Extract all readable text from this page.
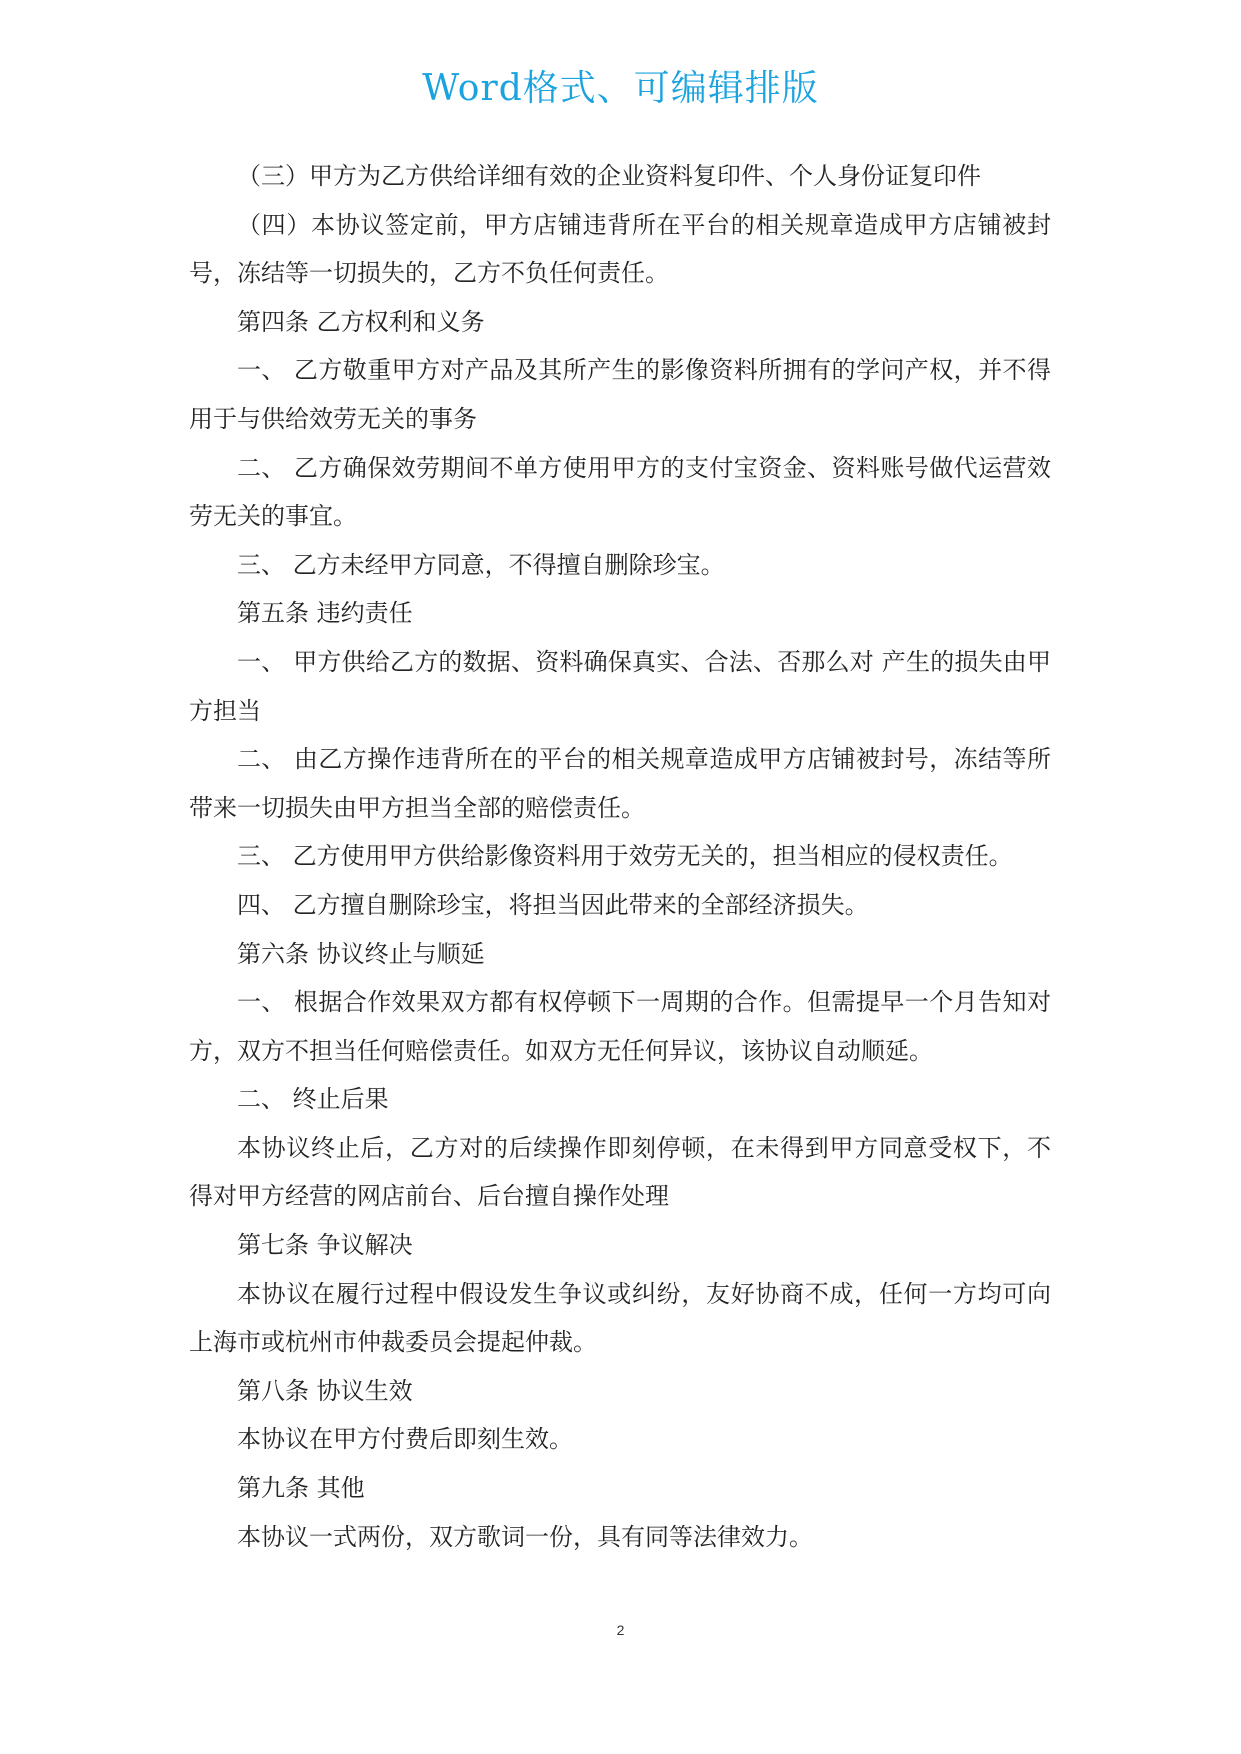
Word格式、可编辑排版

（三）甲方为乙方供给详细有效的企业资料复印件、个人身份证复印件

（四）本协议签定前，甲方店铺违背所在平台的相关规章造成甲方店铺被封号，冻结等一切损失的，乙方不负任何责任。

第四条 乙方权利和义务

一、 乙方敬重甲方对产品及其所产生的影像资料所拥有的学问产权，并不得用于与供给效劳无关的事务

二、 乙方确保效劳期间不单方使用甲方的支付宝资金、资料账号做代运营效劳无关的事宜。

三、 乙方未经甲方同意，不得擅自删除珍宝。

第五条 违约责任

一、 甲方供给乙方的数据、资料确保真实、合法、否那么对 产生的损失由甲方担当

二、 由乙方操作违背所在的平台的相关规章造成甲方店铺被封号，冻结等所带来一切损失由甲方担当全部的赔偿责任。

三、 乙方使用甲方供给影像资料用于效劳无关的，担当相应的侵权责任。

四、 乙方擅自删除珍宝，将担当因此带来的全部经济损失。

第六条 协议终止与顺延

一、 根据合作效果双方都有权停顿下一周期的合作。但需提早一个月告知对方，双方不担当任何赔偿责任。如双方无任何异议，该协议自动顺延。

二、 终止后果

本协议终止后，乙方对的后续操作即刻停顿，在未得到甲方同意受权下，不得对甲方经营的网店前台、后台擅自操作处理

第七条 争议解决

本协议在履行过程中假设发生争议或纠纷，友好协商不成，任何一方均可向上海市或杭州市仲裁委员会提起仲裁。

第八条 协议生效

本协议在甲方付费后即刻生效。

第九条 其他

本协议一式两份，双方歌词一份，具有同等法律效力。

2
